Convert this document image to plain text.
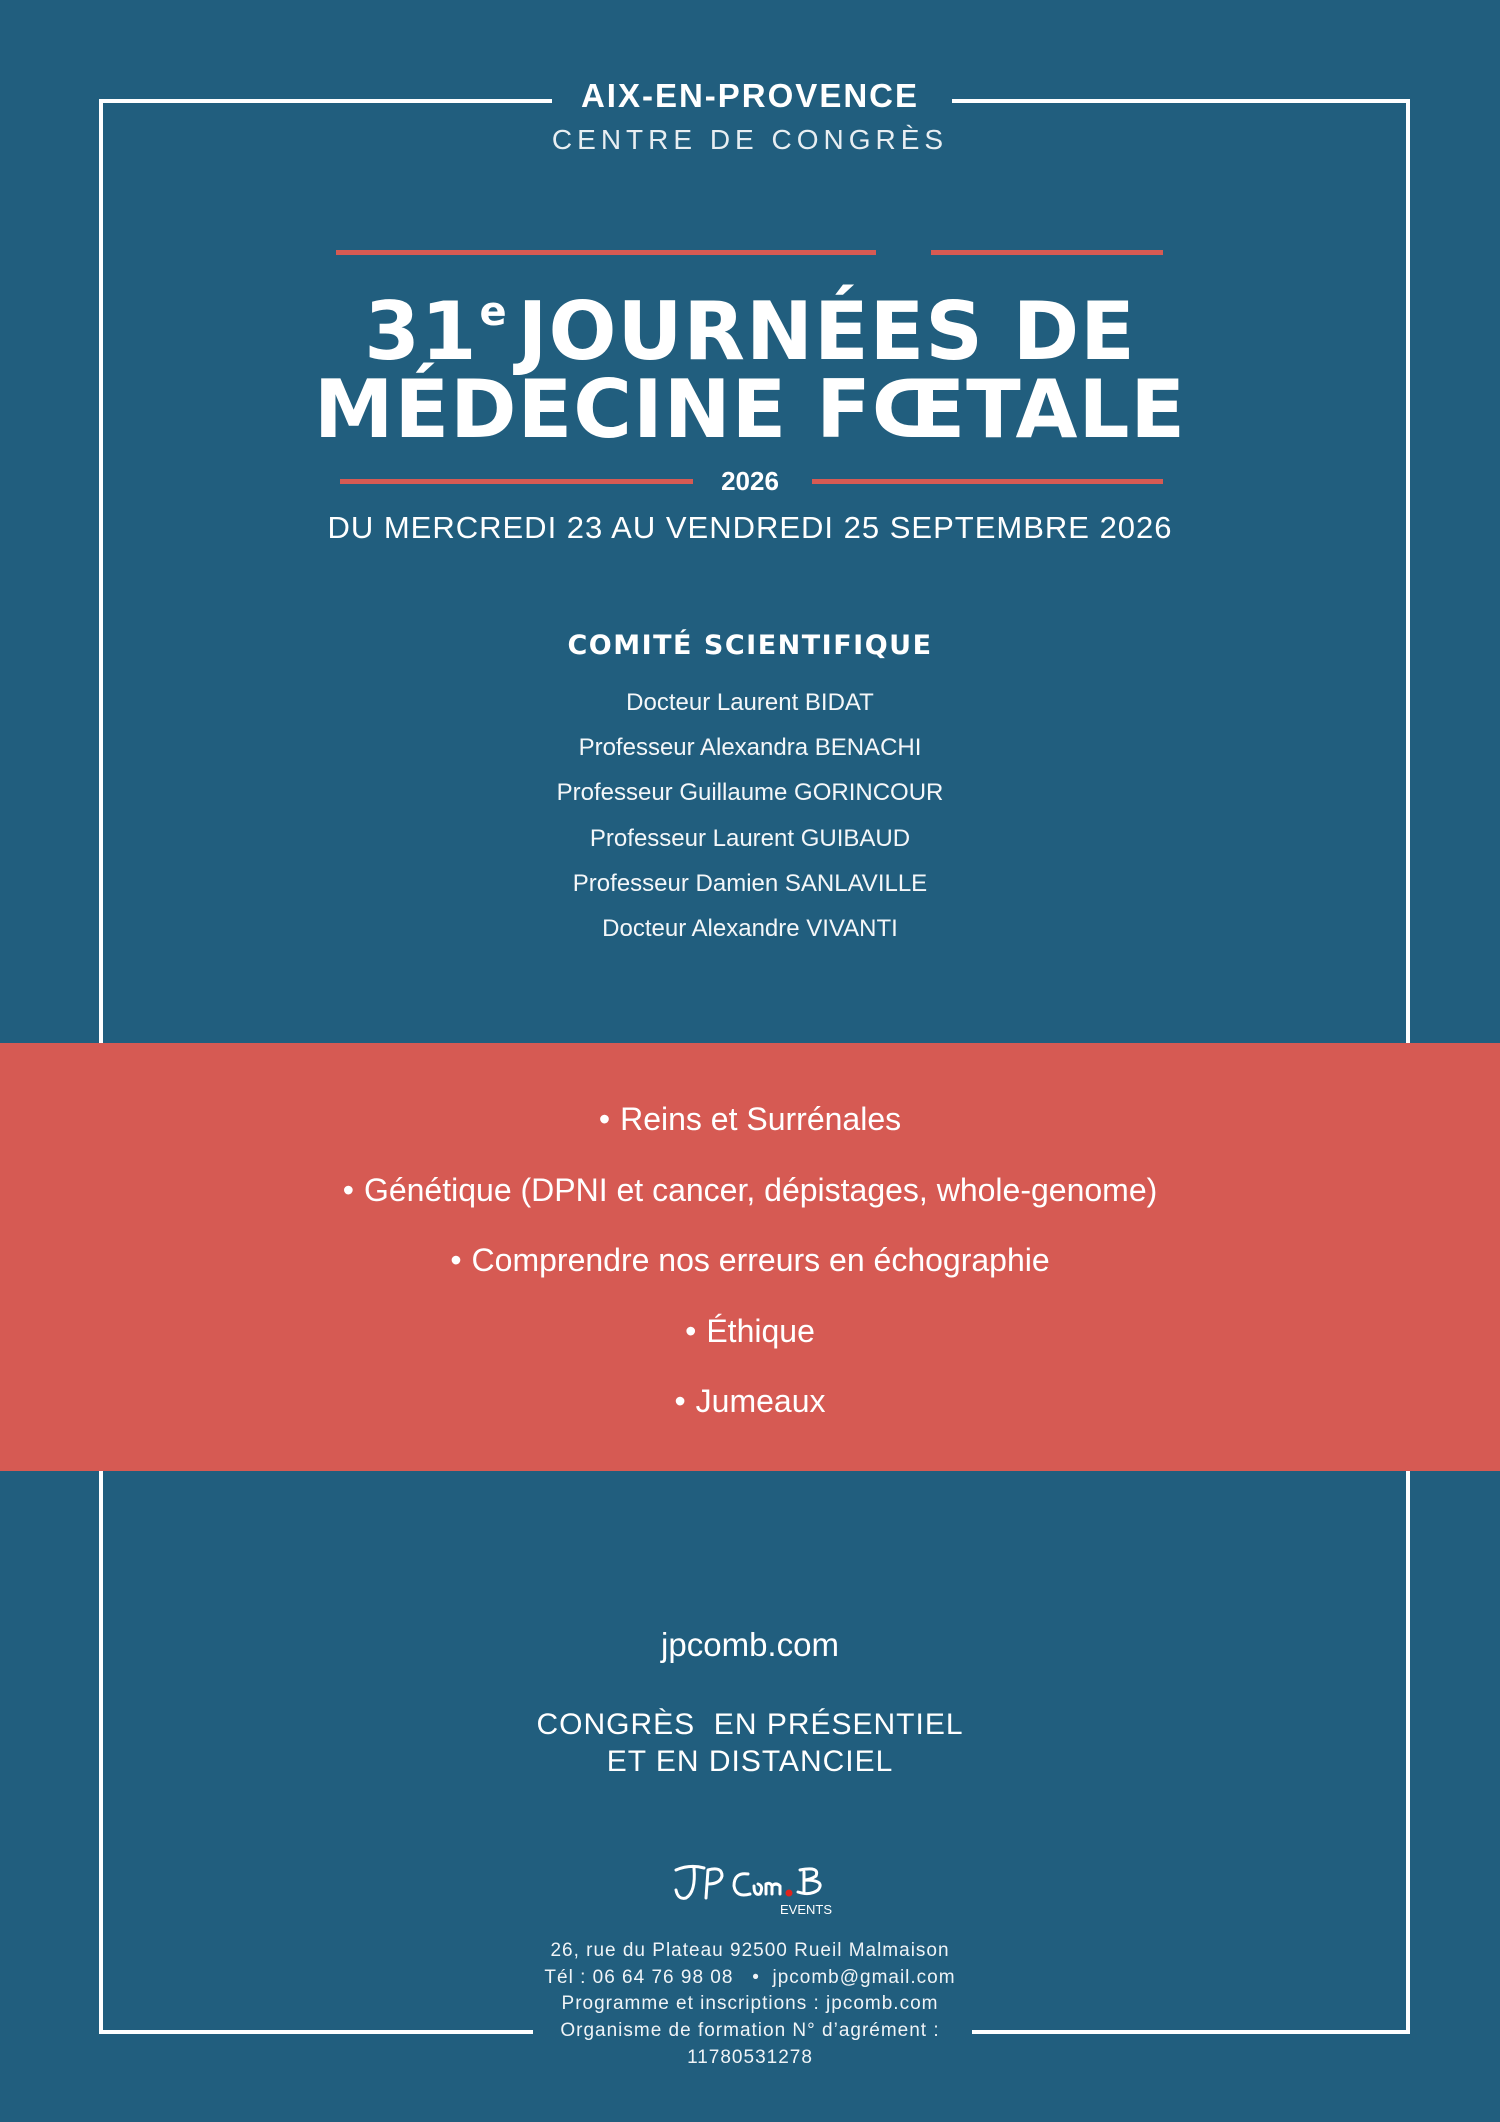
AIX-EN-PROVENCE
CENTRE DE CONGRÈS
31e JOURNÉES DE
MÉDECINE FŒTALE
2026
DU MERCREDI 23 AU VENDREDI 25 SEPTEMBRE 2026
COMITÉ SCIENTIFIQUE
Docteur Laurent BIDAT
Professeur Alexandra BENACHI
Professeur Guillaume GORINCOUR
Professeur Laurent GUIBAUD
Professeur Damien SANLAVILLE
Docteur Alexandre VIVANTI
• Reins et Surrénales
• Génétique (DPNI et cancer, dépistages, whole-genome)
• Comprendre nos erreurs en échographie
• Éthique
• Jumeaux
jpcomb.com
CONGRÈS  EN PRÉSENTIEL
ET EN DISTANCIEL
EVENTS
26, rue du Plateau 92500 Rueil Malmaison
Tél : 06 64 76 98 08   •  jpcomb@gmail.com
Programme et inscriptions : jpcomb.com
Organisme de formation N° d’agrément :
11780531278
